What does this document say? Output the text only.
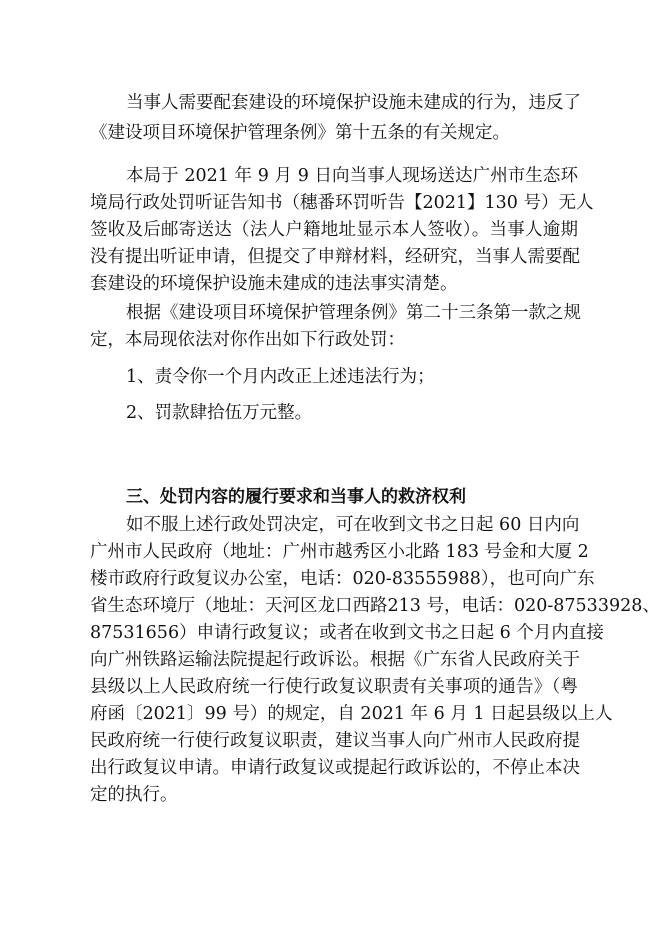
当事人需要配套建设的环境保护设施未建成的行为，违反了
《建设项目环境保护管理条例》第十五条的有关规定。
本局于 2021 年 9 月 9 日向当事人现场送达广州市生态环
境局行政处罚听证告知书（穗番环罚听告【2021】130 号）无人
签收及后邮寄送达（法人户籍地址显示本人签收）。当事人逾期
没有提出听证申请，但提交了申辩材料，经研究，当事人需要配
套建设的环境保护设施未建成的违法事实清楚。
根据《建设项目环境保护管理条例》第二十三条第一款之规
定，本局现依法对你作出如下行政处罚：
1、责令你一个月内改正上述违法行为；
2、罚款肆拾伍万元整。
三、处罚内容的履行要求和当事人的救济权利
如不服上述行政处罚决定，可在收到文书之日起 60 日内向
广州市人民政府（地址：广州市越秀区小北路 183 号金和大厦 2
楼市政府行政复议办公室，电话：020-83555988），也可向广东
省生态环境厅（地址：天河区龙口西路213 号，电话：020-87533928、
87531656）申请行政复议；或者在收到文书之日起 6 个月内直接
向广州铁路运输法院提起行政诉讼。根据《广东省人民政府关于
县级以上人民政府统一行使行政复议职责有关事项的通告》（粤
府函〔2021〕99 号）的规定，自 2021 年 6 月 1 日起县级以上人
民政府统一行使行政复议职责，建议当事人向广州市人民政府提
出行政复议申请。申请行政复议或提起行政诉讼的，不停止本决
定的执行。
